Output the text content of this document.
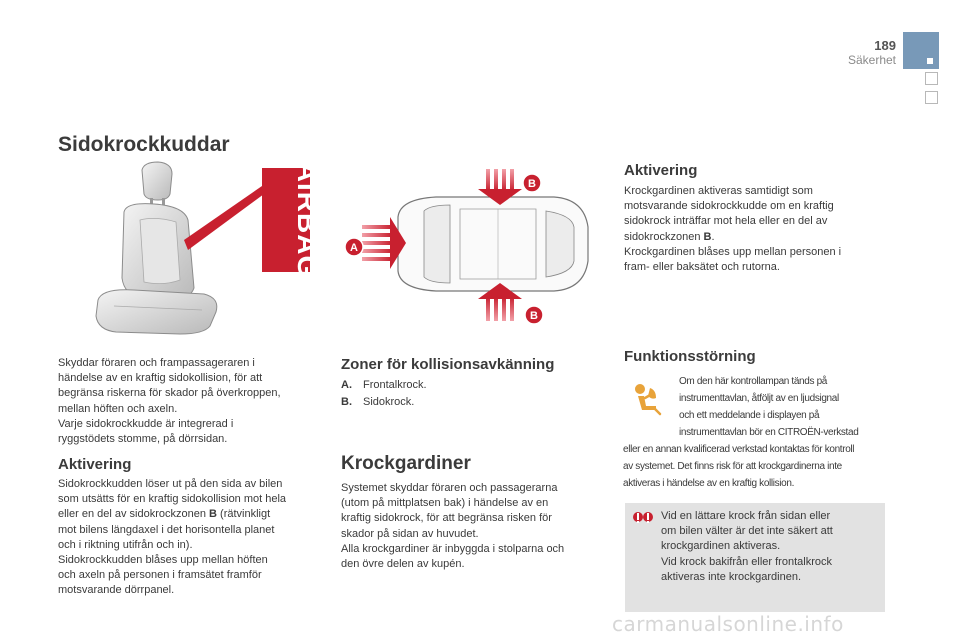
189
Säkerhet
Sidokrockkuddar
AIRBAG A
B
B
Skyddar föraren och frampassageraren i
händelse av en kraftig sidokollision, för att
begränsa riskerna för skador på överkroppen,
mellan höften och axeln.
Varje sidokrockkudde är integrerad i
ryggstödets stomme, på dörrsidan.
Aktivering
Sidokrockkudden löser ut på den sida av bilen
som utsätts för en kraftig sidokollision mot hela
eller en del av sidokrockzonen B (rätvinkligt
mot bilens längdaxel i det horisontella planet
och i riktning utifrån och in).
Sidokrockkudden blåses upp mellan höften
och axeln på personen i framsätet framför
motsvarande dörrpanel.
Zoner för kollisionsavkänning
A. Frontalkrock.
B. Sidokrock.
Krockgardiner
Systemet skyddar föraren och passagerarna
(utom på mittplatsen bak) i händelse av en
kraftig sidokrock, för att begränsa risken för
skador på sidan av huvudet.
Alla krockgardiner är inbyggda i stolparna och
den övre delen av kupén.
Aktivering
Krockgardinen aktiveras samtidigt som
motsvarande sidokrockkudde om en kraftig
sidokrock inträffar mot hela eller en del av
sidokrockzonen B.
Krockgardinen blåses upp mellan personen i
fram- eller baksätet och rutorna.
Funktionsstörning
Om den här kontrollampan tänds på
instrumenttavlan, åtföljt av en ljudsignal
och ett meddelande i displayen på
instrumenttavlan bör en CITROËN-verkstad
eller en annan kvalificerad verkstad kontaktas för kontroll
av systemet. Det finns risk för att krockgardinerna inte
aktiveras i händelse av en kraftig kollision.
Vid en lättare krock från sidan eller
om bilen välter är det inte säkert att
krockgardinen aktiveras.
Vid krock bakifrån eller frontalkrock
aktiveras inte krockgardinen.
carmanualsonline.info
